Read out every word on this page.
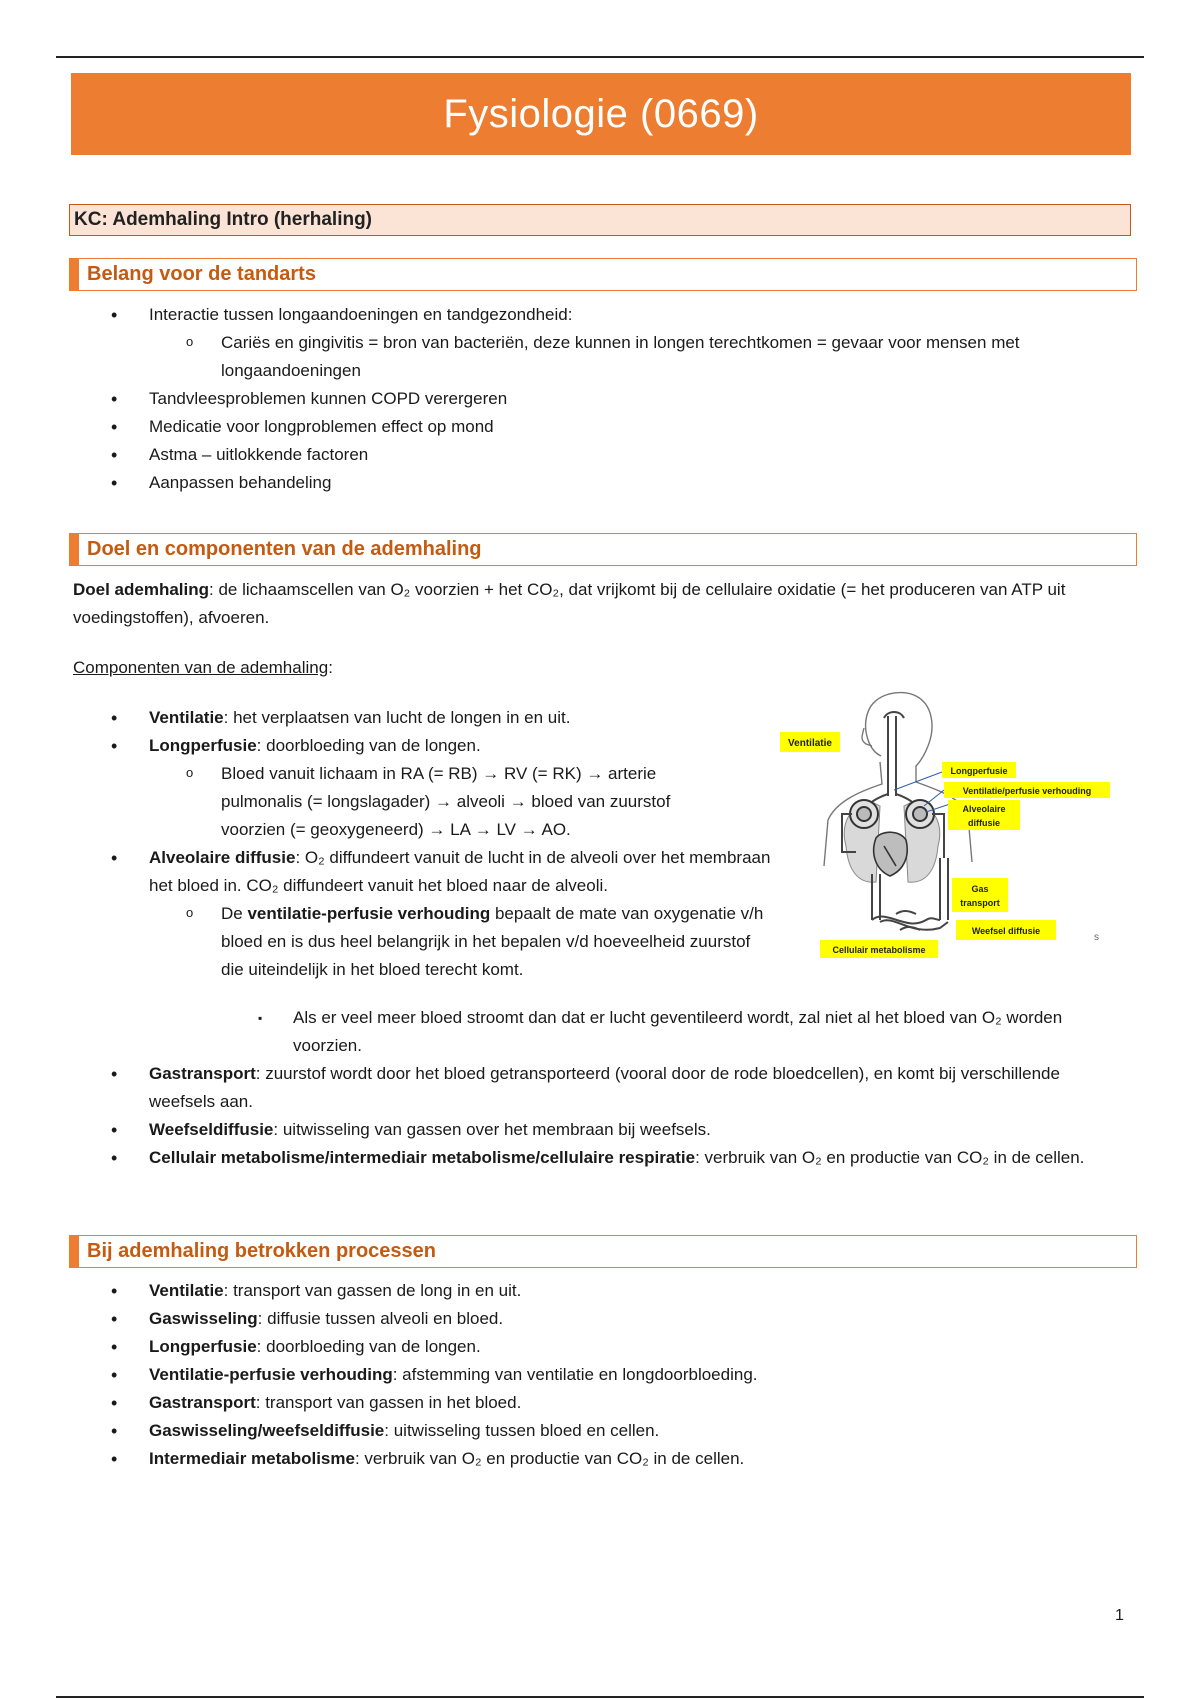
Fysiologie (0669)
KC: Ademhaling Intro (herhaling)
Belang voor de tandarts
• Interactie tussen longaandoeningen en tandgezondheid:
o Cariës en gingivitis = bron van bacteriën, deze kunnen in longen terechtkomen = gevaar voor mensen met longaandoeningen
• Tandvleesproblemen kunnen COPD verergeren
• Medicatie voor longproblemen effect op mond
• Astma – uitlokkende factoren
• Aanpassen behandeling
Doel en componenten van de ademhaling
Doel ademhaling: de lichaamscellen van O₂ voorzien + het CO₂, dat vrijkomt bij de cellulaire oxidatie (= het produceren van ATP uit voedingstoffen), afvoeren.
Componenten van de ademhaling:
• Ventilatie: het verplaatsen van lucht de longen in en uit.
• Longperfusie: doorbloeding van de longen.
o Bloed vanuit lichaam in RA (= RB) → RV (= RK) → arterie pulmonalis (= longslagader) → alveoli → bloed van zuurstof voorzien (= geoxygeneerd) → LA → LV → AO.
• Alveolaire diffusie: O₂ diffundeert vanuit de lucht in de alveoli over het membraan het bloed in. CO₂ diffundeert vanuit het bloed naar de alveoli.
o De ventilatie-perfusie verhouding bepaalt de mate van oxygenatie v/h bloed en is dus heel belangrijk in het bepalen v/d hoeveelheid zuurstof die uiteindelijk in het bloed terecht komt.
▪ Als er veel meer bloed stroomt dan dat er lucht geventileerd wordt, zal niet al het bloed van O₂ worden voorzien.
• Gastransport: zuurstof wordt door het bloed getransporteerd (vooral door de rode bloedcellen), en komt bij verschillende weefsels aan.
• Weefseldiffusie: uitwisseling van gassen over het membraan bij weefsels.
• Cellulair metabolisme/intermediair metabolisme/cellulaire respiratie: verbruik van O₂ en productie van CO₂ in de cellen.
Ventilatie
Longperfusie
Ventilatie/perfusie verhouding
Alveolaire
diffusie
Gas
transport
Weefsel diffusie
Cellulair metabolisme
s
Bij ademhaling betrokken processen
• Ventilatie: transport van gassen de long in en uit.
• Gaswisseling: diffusie tussen alveoli en bloed.
• Longperfusie: doorbloeding van de longen.
• Ventilatie-perfusie verhouding: afstemming van ventilatie en longdoorbloeding.
• Gastransport: transport van gassen in het bloed.
• Gaswisseling/weefseldiffusie: uitwisseling tussen bloed en cellen.
• Intermediair metabolisme: verbruik van O₂ en productie van CO₂ in de cellen.
1
